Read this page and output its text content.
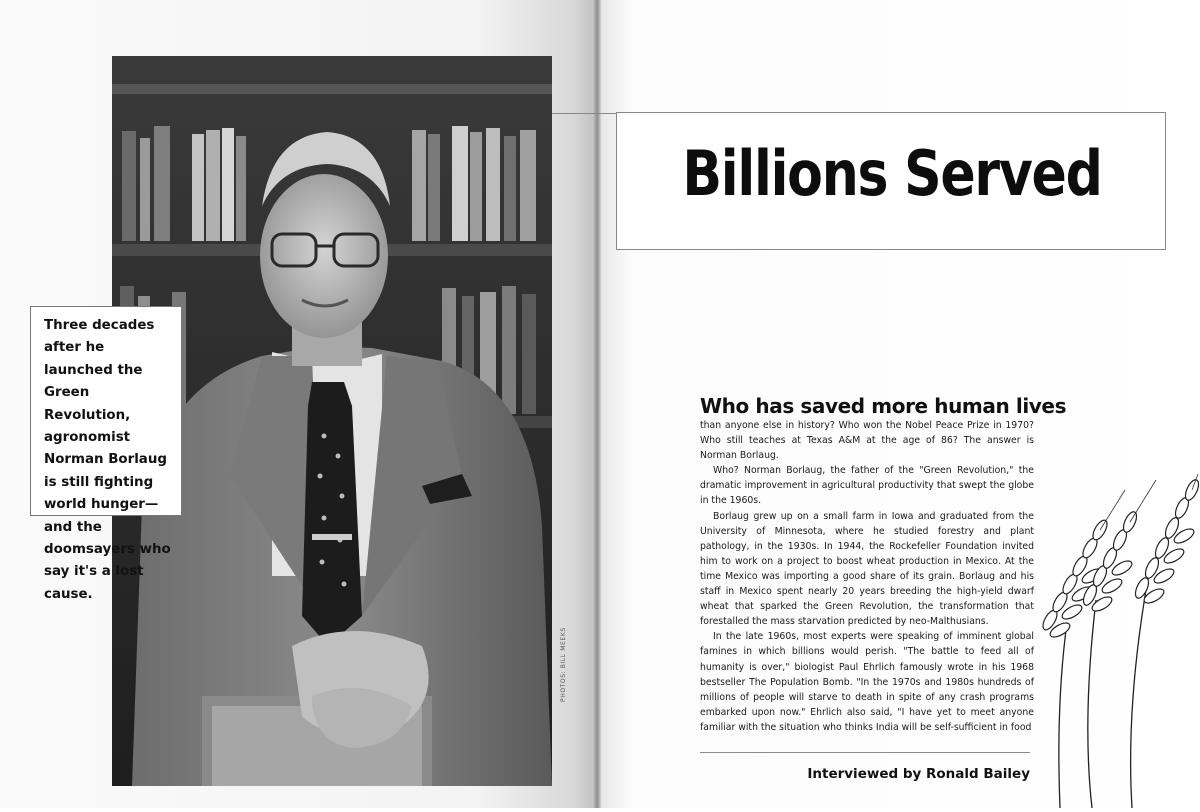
PHOTOS: BILL MEEKS
Three decades after he launched the Green Revolution, agronomist Norman Borlaug is still fighting world hunger—and the doomsayers who say it's a lost cause.
Billions Served
Who has saved more human lives

than anyone else in history? Who won the Nobel Peace Prize in 1970? Who still teaches at Texas A&M at the age of 86? The answer is Norman Borlaug.

Who? Norman Borlaug, the father of the "Green Revolution," the dramatic improvement in agricultural productivity that swept the globe in the 1960s.

Borlaug grew up on a small farm in Iowa and graduated from the University of Minnesota, where he studied forestry and plant pathology, in the 1930s. In 1944, the Rockefeller Foundation invited him to work on a project to boost wheat production in Mexico. At the time Mexico was importing a good share of its grain. Borlaug and his staff in Mexico spent nearly 20 years breeding the high-yield dwarf wheat that sparked the Green Revolution, the transformation that forestalled the mass starvation predicted by neo-Malthusians.

In the late 1960s, most experts were speaking of imminent global famines in which billions would perish. "The battle to feed all of humanity is over," biologist Paul Ehrlich famously wrote in his 1968 bestseller The Population Bomb. "In the 1970s and 1980s hundreds of millions of people will starve to death in spite of any crash programs embarked upon now." Ehrlich also said, "I have yet to meet anyone familiar with the situation who thinks India will be self-sufficient in food

Interviewed by Ronald Bailey
